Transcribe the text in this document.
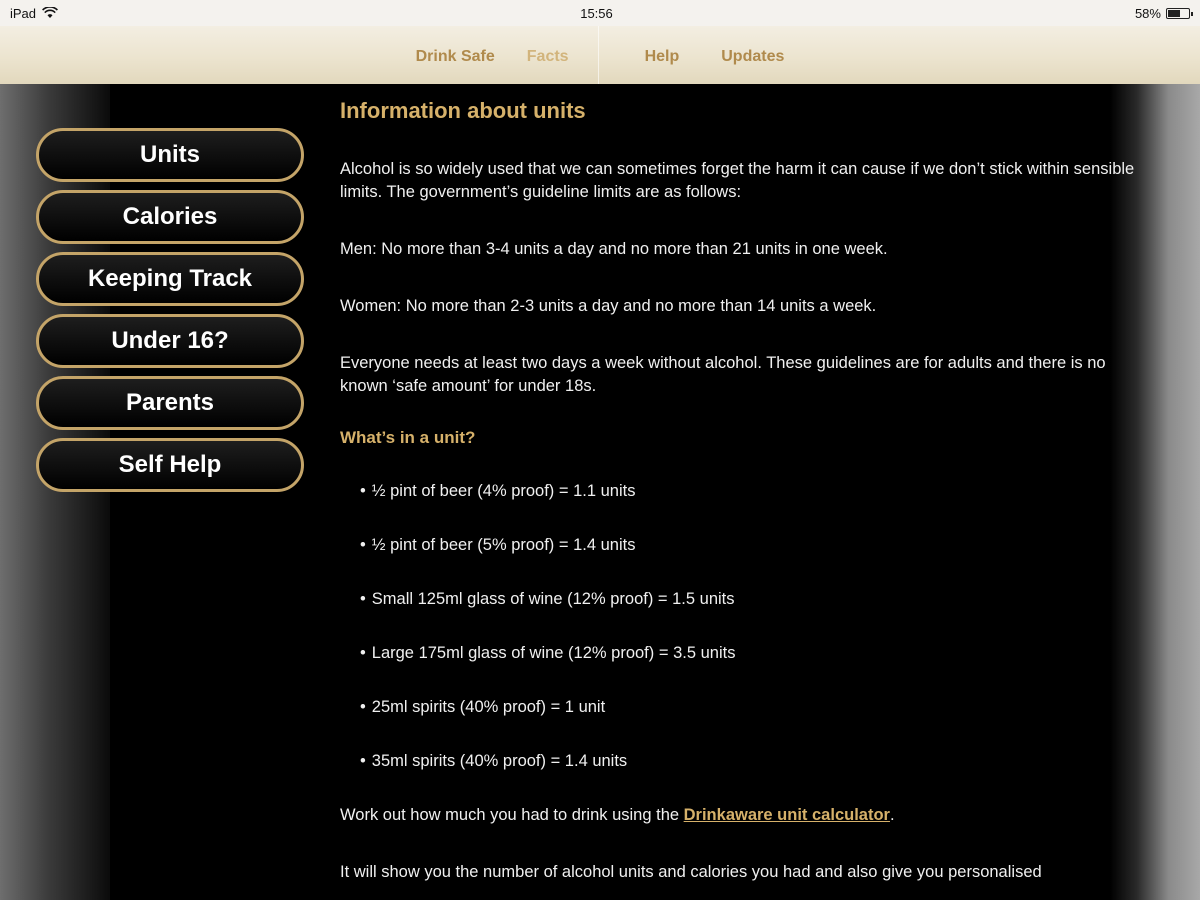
iPad	15:56	58%
Drink Safe	Facts	Help	Updates
Units
Calories
Keeping Track
Under 16?
Parents
Self Help
Information about units

Alcohol is so widely used that we can sometimes forget the harm it can cause if we don’t stick within sensible limits. The government’s guideline limits are as follows:

Men: No more than 3-4 units a day and no more than 21 units in one week.

Women: No more than 2-3 units a day and no more than 14 units a week.

Everyone needs at least two days a week without alcohol. These guidelines are for adults and there is no known ‘safe amount’ for under 18s.

What’s in a unit?
• ½ pint of beer (4% proof) = 1.1 units
• ½ pint of beer (5% proof) = 1.4 units
• Small 125ml glass of wine (12% proof) = 1.5 units
• Large 175ml glass of wine (12% proof) = 3.5 units
• 25ml spirits (40% proof) = 1 unit
• 35ml spirits (40% proof) = 1.4 units

Work out how much you had to drink using the Drinkaware unit calculator.

It will show you the number of alcohol units and calories you had and also give you personalised
